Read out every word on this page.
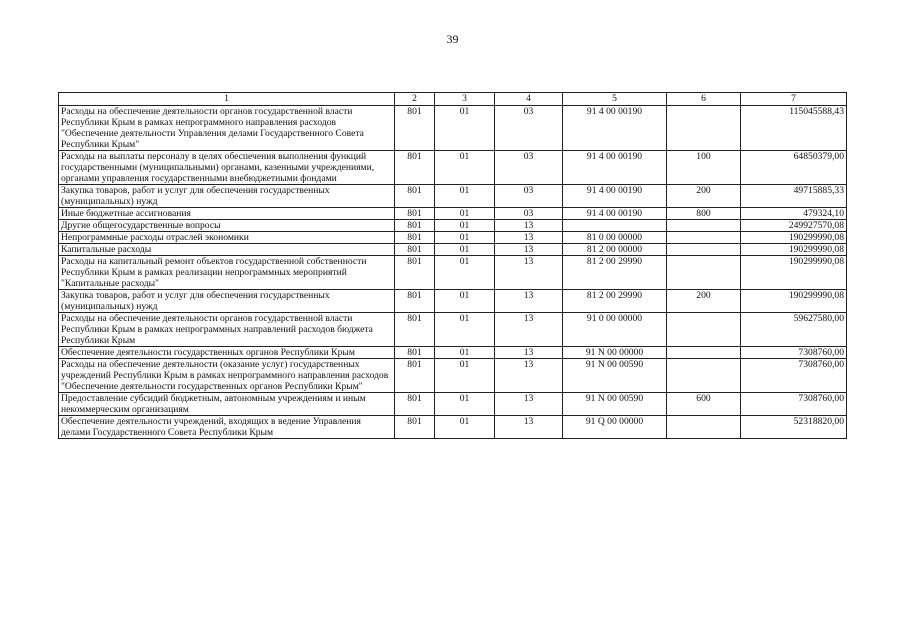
39
1	2	3	4	5	6	7
Расходы на обеспечение деятельности органов государственной власти Республики Крым в рамках непрограммного направления расходов "Обеспечение деятельности Управления делами Государственного Совета Республики Крым"	801	01	03	91 4 00 00190		115045588,43
Расходы на выплаты персоналу в целях обеспечения выполнения функций государственными (муниципальными) органами, казенными учреждениями, органами управления государственными внебюджетными фондами	801	01	03	91 4 00 00190	100	64850379,00
Закупка товаров, работ и услуг для обеспечения государственных (муниципальных) нужд	801	01	03	91 4 00 00190	200	49715885,33
Иные бюджетные ассигнования	801	01	03	91 4 00 00190	800	479324,10
Другие общегосударственные вопросы	801	01	13			249927570,08
Непрограммные расходы отраслей экономики	801	01	13	81 0 00 00000		190299990,08
Капитальные расходы	801	01	13	81 2 00 00000		190299990,08
Расходы на капитальный ремонт объектов государственной собственности Республики Крым в рамках реализации непрограммных мероприятий "Капитальные расходы"	801	01	13	81 2 00 29990		190299990,08
Закупка товаров, работ и услуг для обеспечения государственных (муниципальных) нужд	801	01	13	81 2 00 29990	200	190299990,08
Расходы на обеспечение деятельности органов государственной власти Республики Крым в рамках непрограммных направлений расходов бюджета Республики Крым	801	01	13	91 0 00 00000		59627580,00
Обеспечение деятельности государственных органов Республики Крым	801	01	13	91 N 00 00000		7308760,00
Расходы на обеспечение деятельности (оказание услуг) государственных учреждений Республики Крым в рамках непрограммного направления расходов "Обеспечение деятельности государственных органов Республики Крым"	801	01	13	91 N 00 00590		7308760,00
Предоставление субсидий бюджетным, автономным учреждениям и иным некоммерческим организациям	801	01	13	91 N 00 00590	600	7308760,00
Обеспечение деятельности учреждений, входящих в ведение Управления делами Государственного Совета Республики Крым	801	01	13	91 Q 00 00000		52318820,00
